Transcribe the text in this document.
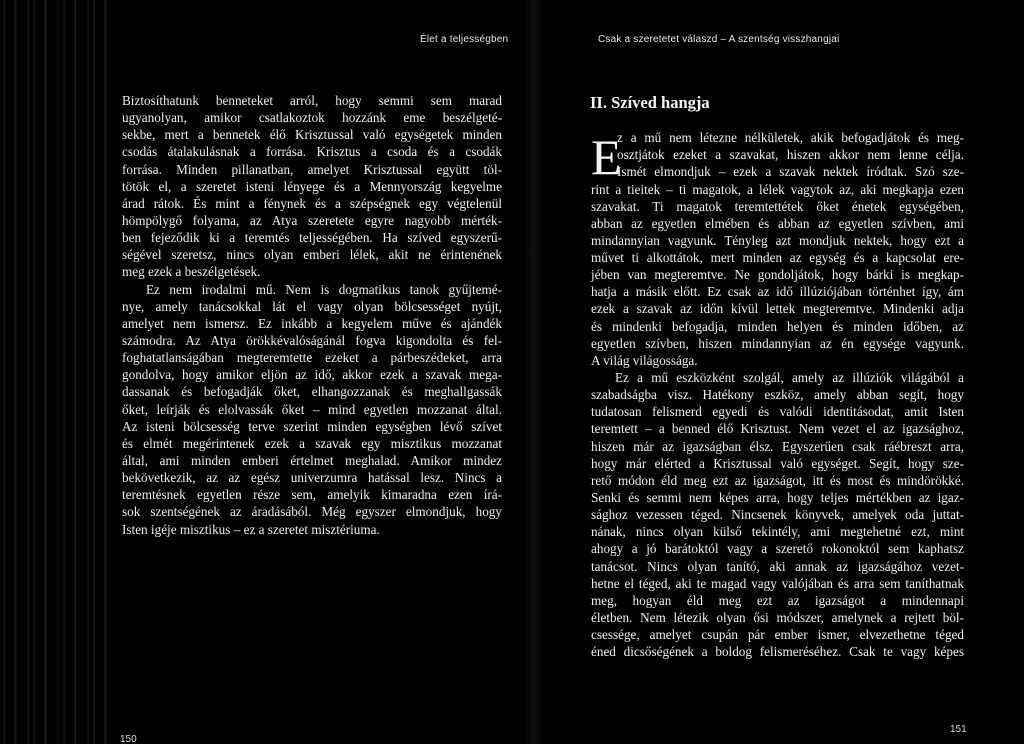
Élet a teljességben
Biztosíthatunk benneteket arról, hogy semmi sem marad
ugyanolyan, amikor csatlakoztok hozzánk eme beszélgeté-
sekbe, mert a bennetek élő Krisztussal való egységetek minden
csodás átalakulásnak a forrása. Krisztus a csoda és a csodák
forrása. Minden pillanatban, amelyet Krisztussal együtt töl-
tötök el, a szeretet isteni lényege és a Mennyország kegyelme
árad rátok. És mint a fénynek és a szépségnek egy végtelenül
hömpölygő folyama, az Atya szeretete egyre nagyobb mérték-
ben fejeződik ki a teremtés teljességében. Ha szíved egyszerű-
ségével szeretsz, nincs olyan emberi lélek, akit ne érintenének
meg ezek a beszélgetések.
Ez nem irodalmi mű. Nem is dogmatikus tanok gyűjtemé-
nye, amely tanácsokkal lát el vagy olyan bölcsességet nyújt,
amelyet nem ismersz. Ez inkább a kegyelem műve és ajándék
számodra. Az Atya örökkévalóságánál fogva kigondolta és fel-
foghatatlanságában megteremtette ezeket a párbeszédeket, arra
gondolva, hogy amikor eljön az idő, akkor ezek a szavak mega-
dassanak és befogadják őket, elhangozzanak és meghallgassák
őket, leírják és elolvassák őket – mind egyetlen mozzanat által.
Az isteni bölcsesség terve szerint minden egységben lévő szívet
és elmét megérintenek ezek a szavak egy misztikus mozzanat
által, ami minden emberi értelmet meghalad. Amikor mindez
bekövetkezik, az az egész univerzumra hatással lesz. Nincs a
teremtésnek egyetlen része sem, amelyik kimaradna ezen írá-
sok szentségének az áradásából. Még egyszer elmondjuk, hogy
Isten igéje misztikus – ez a szeretet misztériuma.
150
Csak a szeretetet válaszd – A szentség visszhangjai
II. Szíved hangja
E
z a mű nem létezne nélkületek, akik befogadjátok és meg-
osztjátok ezeket a szavakat, hiszen akkor nem lenne célja.
Ismét elmondjuk – ezek a szavak nektek íródtak. Szó sze-
rint a tieitek – ti magatok, a lélek vagytok az, aki megkapja ezen
szavakat. Ti magatok teremtettétek őket énetek egységében,
abban az egyetlen elmében és abban az egyetlen szívben, ami
mindannyian vagyunk. Tényleg azt mondjuk nektek, hogy ezt a
művet ti alkottátok, mert minden az egység és a kapcsolat ere-
jében van megteremtve. Ne gondoljátok, hogy bárki is megkap-
hatja a másik előtt. Ez csak az idő illúziójában történhet így, ám
ezek a szavak az időn kívül lettek megteremtve. Mindenki adja
és mindenki befogadja, minden helyen és minden időben, az
egyetlen szívben, hiszen mindannyian az én egysége vagyunk.
A világ világossága.
Ez a mű eszközként szolgál, amely az illúziók világából a
szabadságba visz. Hatékony eszköz, amely abban segít, hogy
tudatosan felismerd egyedi és valódi identitásodat, amit Isten
teremtett – a benned élő Krisztust. Nem vezet el az igazsághoz,
hiszen már az igazságban élsz. Egyszerűen csak ráébreszt arra,
hogy már elérted a Krisztussal való egységet. Segít, hogy sze-
rető módon éld meg ezt az igazságot, itt és most és mindörökké.
Senki és semmi nem képes arra, hogy teljes mértékben az igaz-
sághoz vezessen téged. Nincsenek könyvek, amelyek oda juttat-
nának, nincs olyan külső tekintély, ami megtehetné ezt, mint
ahogy a jó barátoktól vagy a szerető rokonoktól sem kaphatsz
tanácsot. Nincs olyan tanító, aki annak az igazságához vezet-
hetne el téged, aki te magad vagy valójában és arra sem taníthatnak meg, hogyan éld meg ezt az igazságot a mindennapi
életben. Nem létezik olyan ősi módszer, amelynek a rejtett böl-
csessége, amelyet csupán pár ember ismer, elvezethetne téged
éned dicsőségének a boldog felismeréséhez. Csak te vagy képes
151
